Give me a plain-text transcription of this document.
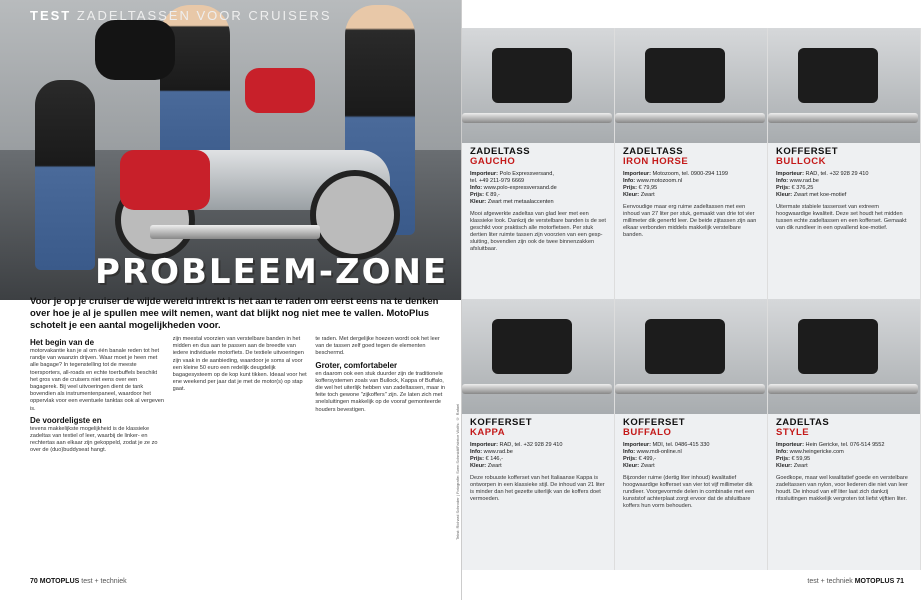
TEST ZADELTASSEN VOOR CRUISERS
PROBLEEM-ZONE
Voor je op je cruiser de wijde wereld intrekt is het aan te raden om eerst eens na te denken over hoe je al je spullen mee wilt nemen, want dat blijkt nog niet mee te vallen. MotoPlus schotelt je een aantal mogelijkheden voor.
Het begin van de

motorvakantie kan je al om één banale reden tot het randje van waanzin drijven. Waar moet je heen met alle bagage? In tegenstelling tot de meeste toersporters, all-roads en echte toerbuffels beschikt het gros van de cruisers niet eens over een bagagerek. Bij veel uitvoeringen dient de tank bovendien als instrumentenpaneel, waardoor het oppervlak voor een eventuele tanktas ook al vergeven is.

De voordeligste en

tevens makkelijkste mogelijkheid is de klassieke zadeltas van textiel of leer, waarbij de linker- en rechtertas aan elkaar zijn gekoppeld, zodat je ze zo over de (duo)buddyseat hangt.

zijn meestal voorzien van verstelbare banden in het midden en dus aan te passen aan de breedte van iedere individuele motorfiets. De textiele uitvoeringen zijn vaak in de aanbieding, waardoor je soms al voor een kleine 50 euro een redelijk deugdelijk bagagesysteem op de kop kunt tikken. Ideaal voor het ene weekend per jaar dat je met de motor(s) op stap gaat.

te raden. Met dergelijke hoezen wordt ook het leer van de tassen zelf goed tegen de elementen beschermd.

Groter, comfortabeler

en daarom ook een stuk duurder zijn de traditionele koffersystemen zoals van Bullock, Kappa of Buffalo, die wel het uiterlijk hebben van zadeltassen, maar in feite toch gewone "zijkoffers" zijn. Ze laten zich met snelsluitingen makkelijk op de vooraf gemonteerde houders bevestigen.

Tekst: Richard Schroder | Fotografie: Sven Schmidt/Fabrice Wolfs: © Rafael
70 MOTOPLUS test + techniek
ZADELTASS
GAUCHO
Importeur: Polo Expressversand,
tel. +49 211-979 6669
Info: www.polo-expressversand.de
Prijs: € 89,-
Kleur: Zwart met metaalaccenten
Mooi afgewerkte zadeltas van glad leer met een klassieke look. Dankzij de verstelbare banden is de set geschikt voor praktisch alle motorfietsen. Per stuk dertien liter ruimte tassen zijn voorzien van een gesp-sluiting, bovendien zijn ook de twee binnenzakken afsluitbaar.
ZADELTASS
IRON HORSE
Importeur: Motozoom, tel. 0900-294 1199
Info: www.motozoom.nl
Prijs: € 79,95
Kleur: Zwart
Eenvoudige maar erg ruime zadeltassen met een inhoud van 27 liter per stuk, gemaakt van drie tot vier millimeter dik generfd leer. De beide zijtassen zijn aan elkaar verbonden middels makkelijk verstelbare banden.
KOFFERSET
BULLOCK
Importeur: RAD, tel. +32 928 29 410
Info: www.rad.be
Prijs: € 376,25
Kleur: Zwart met koe-motief
Uitermate stabiele tassenset van extreem hoogwaardige kwaliteit. Deze set houdt het midden tussen echte zadeltassen en een kofferset. Gemaakt van dik rundleer in een opvallend koe-motief.
KOFFERSET
KAPPA
Importeur: RAD, tel. +32 928 29 410
Info: www.rad.be
Prijs: € 146,-
Kleur: Zwart
Deze robuuste kofferset van het Italiaanse Kappa is ontworpen in een klassieke stijl. De inhoud van 21 liter is minder dan het gezette uiterlijk van de koffers doet vermoeden.
KOFFERSET
BUFFALO
Importeur: MDI, tel. 0486-415 330
Info: www.mdi-online.nl
Prijs: € 499,-
Kleur: Zwart
Bijzonder ruime (dertig liter inhoud) kwalitatief hoogwaardige kofferset van vier tot vijf millimeter dik rundleer. Voorgevormde delen in combinatie met een kunststof achterplaat zorgt ervoor dat de afsluitbare koffers hun vorm behouden.
ZADELTAS
STYLE
Importeur: Hein Gericke, tel. 076-514 9552
Info: www.heingericke.com
Prijs: € 59,95
Kleur: Zwart
Goedkope, maar wel kwalitatief goede en verstelbare zadeltassen van nylon, voor liederen die niet van leer houdt. De inhoud van elf liter laat zich dankzij ritssluitingen makkelijk vergroten tot liefst vijftien liter.
test + techniek MOTOPLUS 71
